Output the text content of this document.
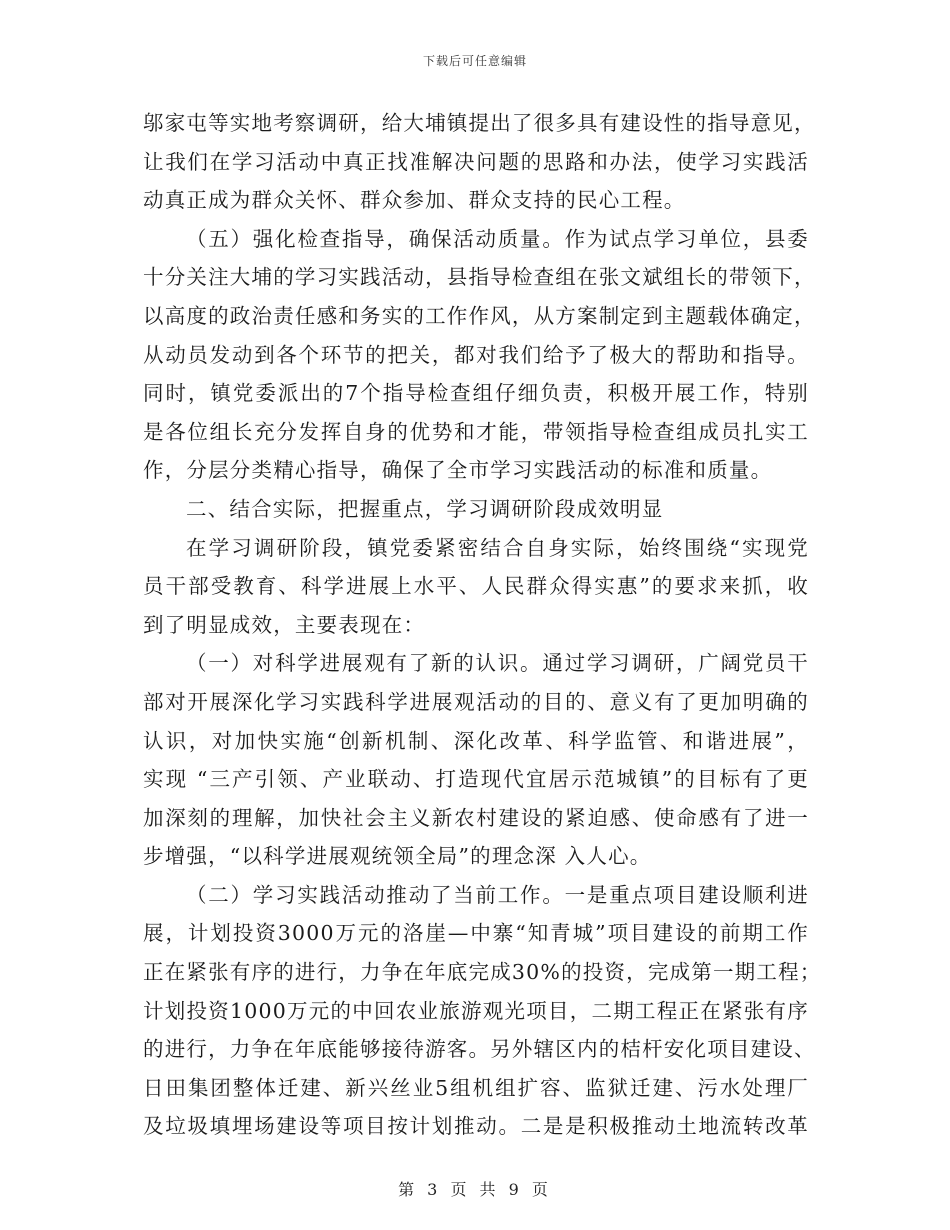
下载后可任意编辑
邬家屯等实地考察调研，给大埔镇提出了很多具有建设性的指导意见，
让我们在学习活动中真正找准解决问题的思路和办法，使学习实践活
动真正成为群众关怀、群众参加、群众支持的民心工程。
（五）强化检查指导，确保活动质量。作为试点学习单位，县委
十分关注大埔的学习实践活动，县指导检查组在张文斌组长的带领下，
以高度的政治责任感和务实的工作作风，从方案制定到主题载体确定，
从动员发动到各个环节的把关，都对我们给予了极大的帮助和指导。
同时，镇党委派出的7个指导检查组仔细负责，积极开展工作，特别
是各位组长充分发挥自身的优势和才能，带领指导检查组成员扎实工
作，分层分类精心指导，确保了全市学习实践活动的标准和质量。
二、结合实际，把握重点，学习调研阶段成效明显
在学习调研阶段，镇党委紧密结合自身实际，始终围绕“实现党
员干部受教育、科学进展上水平、人民群众得实惠”的要求来抓，收
到了明显成效，主要表现在：
（一）对科学进展观有了新的认识。通过学习调研，广阔党员干
部对开展深化学习实践科学进展观活动的目的、意义有了更加明确的
认识，对加快实施“创新机制、深化改革、科学监管、和谐进展”，
实现 “三产引领、产业联动、打造现代宜居示范城镇”的目标有了更
加深刻的理解，加快社会主义新农村建设的紧迫感、使命感有了进一
步增强，“以科学进展观统领全局”的理念深 入人心。
（二）学习实践活动推动了当前工作。一是重点项目建设顺利进
展，计划投资3000万元的洛崖—中寨“知青城”项目建设的前期工作
正在紧张有序的进行，力争在年底完成30%的投资，完成第一期工程；
计划投资1000万元的中回农业旅游观光项目，二期工程正在紧张有序
的进行，力争在年底能够接待游客。另外辖区内的桔杆安化项目建设、
日田集团整体迁建、新兴丝业5组机组扩容、监狱迁建、污水处理厂
及垃圾填埋场建设等项目按计划推动。二是是积极推动土地流转改革
第 3 页 共 9 页
